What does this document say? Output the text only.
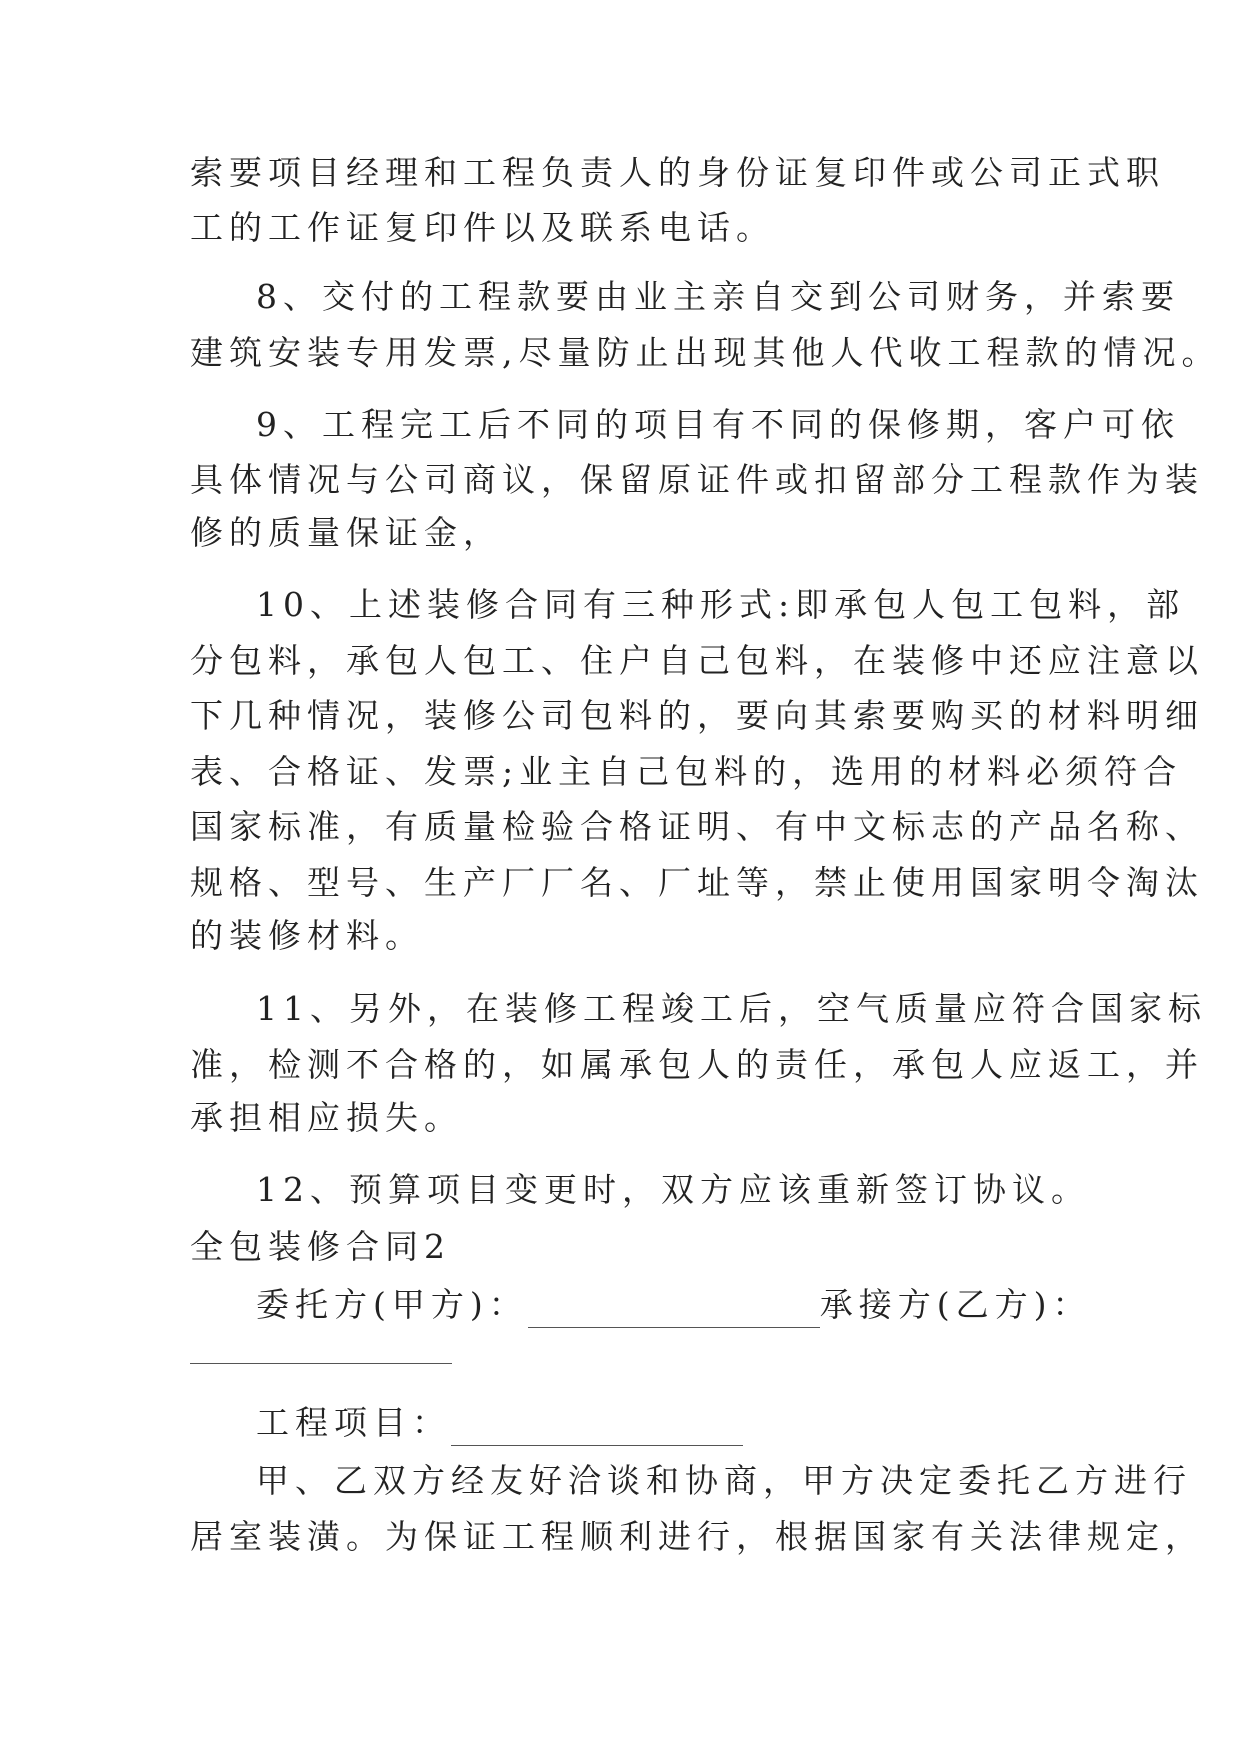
索要项目经理和工程负责人的身份证复印件或公司正式职
工的工作证复印件以及联系电话。
8、交付的工程款要由业主亲自交到公司财务，并索要
建筑安装专用发票,尽量防止出现其他人代收工程款的情况。
9、工程完工后不同的项目有不同的保修期，客户可依
具体情况与公司商议，保留原证件或扣留部分工程款作为装
修的质量保证金，
10、上述装修合同有三种形式:即承包人包工包料，部
分包料，承包人包工、住户自己包料，在装修中还应注意以
下几种情况，装修公司包料的，要向其索要购买的材料明细
表、合格证、发票;业主自己包料的，选用的材料必须符合
国家标准，有质量检验合格证明、有中文标志的产品名称、
规格、型号、生产厂厂名、厂址等，禁止使用国家明令淘汰
的装修材料。
11、另外，在装修工程竣工后，空气质量应符合国家标
准，检测不合格的，如属承包人的责任，承包人应返工，并
承担相应损失。
12、预算项目变更时，双方应该重新签订协议。
全包装修合同2
委托方(甲方)：	承接方(乙方)：
工程项目：
甲、乙双方经友好洽谈和协商，甲方决定委托乙方进行
居室装潢。为保证工程顺利进行，根据国家有关法律规定，
